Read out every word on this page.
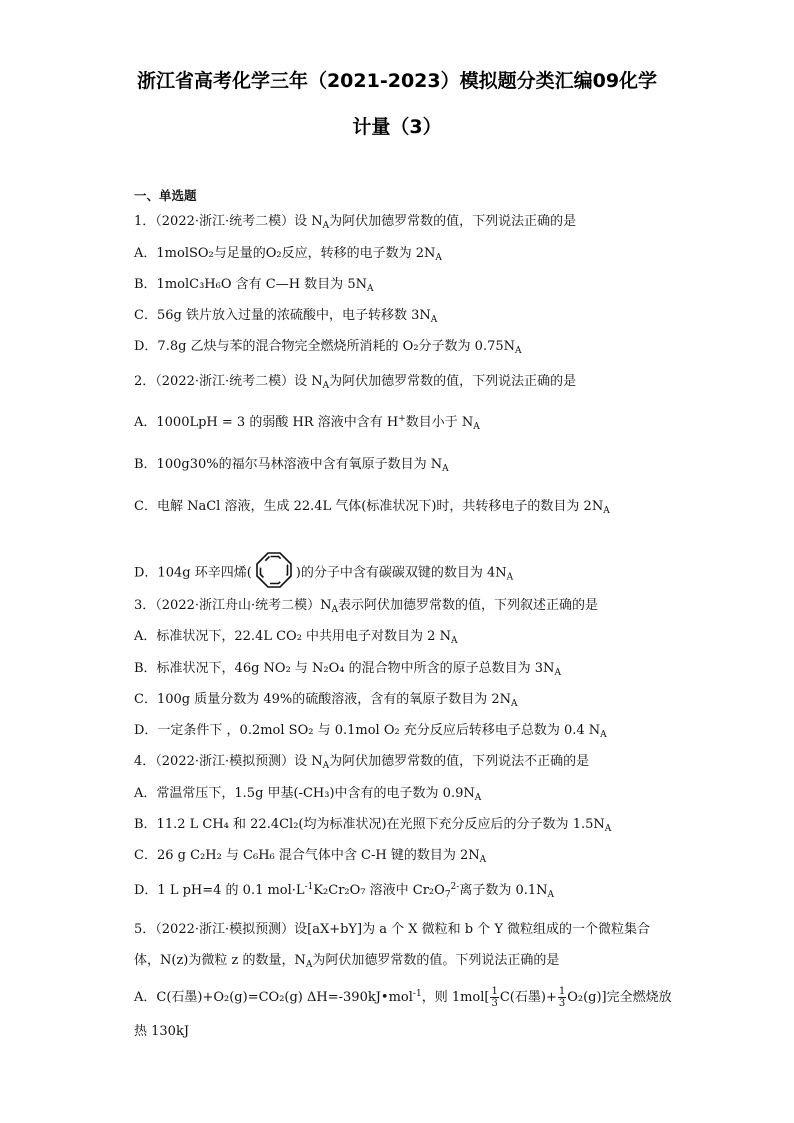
浙江省高考化学三年（2021-2023）模拟题分类汇编09化学
计量（3）
一、单选题
1．（2022·浙江·统考二模）设 $N_A$为阿伏加德罗常数的值，下列说法正确的是
A．1molSO₂与足量的O₂反应，转移的电子数为 $2N_A$
B．1molC₃H₆O 含有 C—H 数目为 $5N_A$
C．56g 铁片放入过量的浓硫酸中，电子转移数 $3N_A$
D．7.8g 乙炔与苯的混合物完全燃烧所消耗的 O₂分子数为 $0.75N_A$
2．（2022·浙江·统考二模）设 $N_A$为阿伏加德罗常数的值，下列说法正确的是
A．1000LpH = 3 的弱酸 HR 溶液中含有 H+数目小于 $N_A$
B．100g30%的福尔马林溶液中含有氧原子数目为 $N_A$
C．电解 NaCl 溶液，生成 22.4L 气体(标准状况下)时，共转移电子的数目为 $2N_A$
D．104g 环辛四烯(	)的分子中含有碳碳双键的数目为 $4N_A$
3．（2022·浙江舟山·统考二模）$N_A$表示阿伏加德罗常数的值，下列叙述正确的是
A．标准状况下，22.4L CO₂ 中共用电子对数目为 2 $N_A$
B．标准状况下，46g NO₂ 与 N₂O₄ 的混合物中所含的原子总数目为 $3N_A$
C．100g 质量分数为 49%的硫酸溶液，含有的氧原子数目为 $2N_A$
D．一定条件下 ，0.2mol SO₂ 与 0.1mol O₂ 充分反应后转移电子总数为 0.4 $N_A$
4．（2022·浙江·模拟预测）设 $N_A$为阿伏加德罗常数的值，下列说法不正确的是
A．常温常压下，1.5g 甲基(-CH₃)中含有的电子数为 $0.9N_A$
B．11.2 L CH₄ 和 22.4Cl₂(均为标准状况)在光照下充分反应后的分子数为 $1.5N_A$
C．26 g C₂H₂ 与 C₆H₆ 混合气体中含 C-H 键的数目为 $2N_A$
D．1 L pH=4 的 0.1 $mol\cdot L^{-1}K_2Cr_2O_7$ 溶液中 $Cr_2O_7^{2-}$离子数为 $0.1N_A$
5．（2022·浙江·模拟预测）设[aX+bY]为 a 个 X 微粒和 b 个 Y 微粒组成的一个微粒集合
体，N(z)为微粒 z 的数量，$N_A$为阿伏加德罗常数的值。下列说法正确的是
A．C(石墨)+O₂(g)=CO₂(g) ΔH=-390kJ•mol$^{-1}$，则 $1mol[ \frac{1}{3} C$(石墨)+ $\frac{1}{3} O_2(g)$]完全燃烧放
热 130kJ
